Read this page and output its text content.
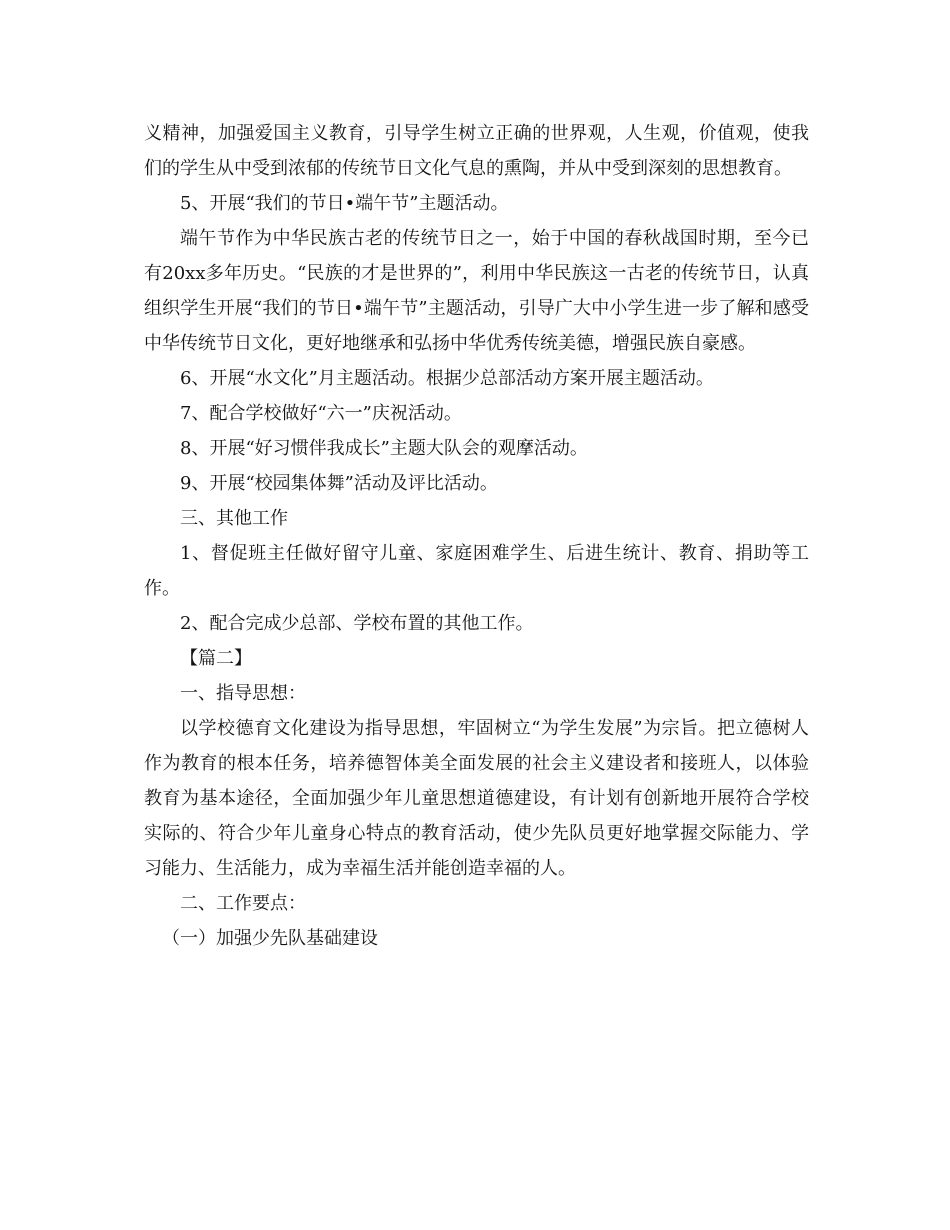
义精神，加强爱国主义教育，引导学生树立正确的世界观，人生观，价值观，使我们的学生从中受到浓郁的传统节日文化气息的熏陶，并从中受到深刻的思想教育。

5、开展“我们的节日•端午节”主题活动。

端午节作为中华民族古老的传统节日之一，始于中国的春秋战国时期，至今已有20xx多年历史。“民族的才是世界的”，利用中华民族这一古老的传统节日，认真组织学生开展“我们的节日•端午节”主题活动，引导广大中小学生进一步了解和感受中华传统节日文化，更好地继承和弘扬中华优秀传统美德，增强民族自豪感。

6、开展“水文化”月主题活动。根据少总部活动方案开展主题活动。

7、配合学校做好“六一”庆祝活动。

8、开展“好习惯伴我成长”主题大队会的观摩活动。

9、开展“校园集体舞”活动及评比活动。

三、其他工作

1、督促班主任做好留守儿童、家庭困难学生、后进生统计、教育、捐助等工作。

2、配合完成少总部、学校布置的其他工作。

【篇二】

一、指导思想：

以学校德育文化建设为指导思想，牢固树立“为学生发展”为宗旨。把立德树人作为教育的根本任务，培养德智体美全面发展的社会主义建设者和接班人，以体验教育为基本途径，全面加强少年儿童思想道德建设，有计划有创新地开展符合学校实际的、符合少年儿童身心特点的教育活动，使少先队员更好地掌握交际能力、学习能力、生活能力，成为幸福生活并能创造幸福的人。

二、工作要点：

（一）加强少先队基础建设
